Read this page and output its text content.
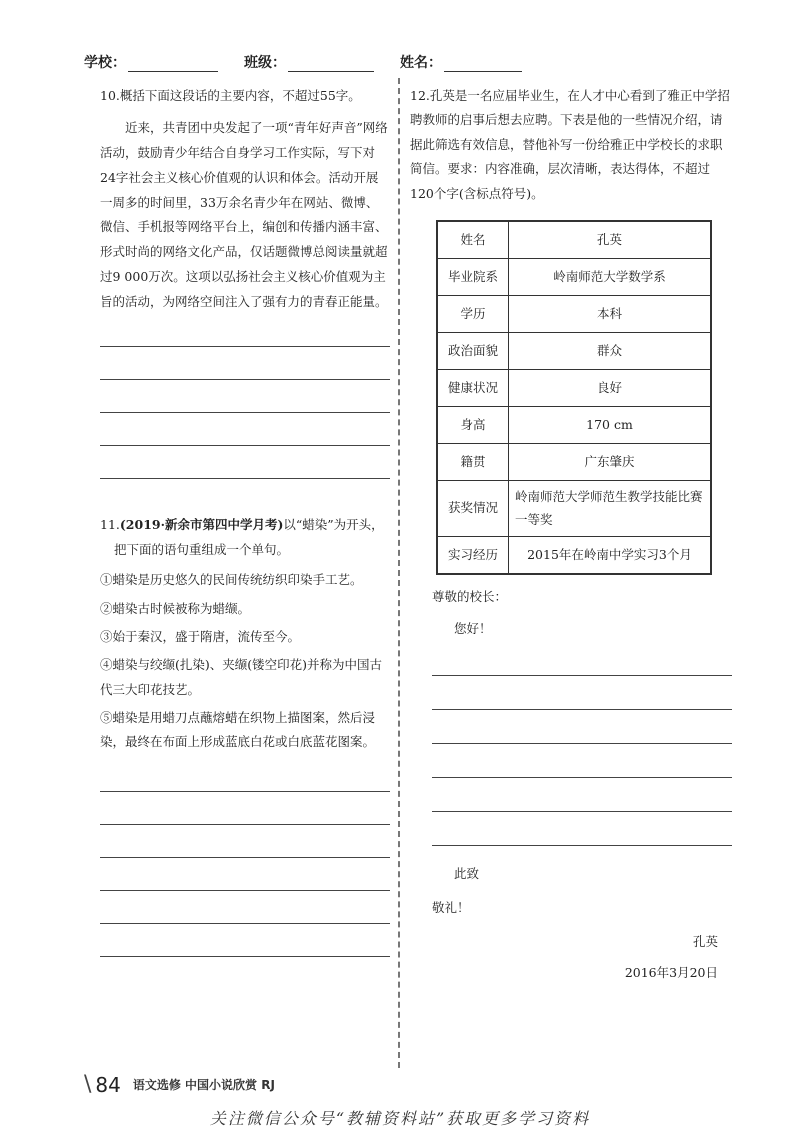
学校：	班级：	姓名：

10.概括下面这段话的主要内容，不超过55字。

近来，共青团中央发起了一项“青年好声音”网络活动，鼓励青少年结合自身学习工作实际，写下对24字社会主义核心价值观的认识和体会。活动开展一周多的时间里，33万余名青少年在网站、微博、微信、手机报等网络平台上，编创和传播内涵丰富、形式时尚的网络文化产品，仅话题微博总阅读量就超过9 000万次。这项以弘扬社会主义核心价值观为主旨的活动，为网络空间注入了强有力的青春正能量。

11.(2019·新余市第四中学月考)以“蜡染”为开头，把下面的语句重组成一个单句。

①蜡染是历史悠久的民间传统纺织印染手工艺。

②蜡染古时候被称为蜡缬。

③始于秦汉，盛于隋唐，流传至今。

④蜡染与绞缬(扎染)、夹缬(镂空印花)并称为中国古代三大印花技艺。

⑤蜡染是用蜡刀点蘸熔蜡在织物上描图案，然后浸染，最终在布面上形成蓝底白花或白底蓝花图案。

12.孔英是一名应届毕业生，在人才中心看到了雅正中学招聘教师的启事后想去应聘。下表是他的一些情况介绍，请据此筛选有效信息，替他补写一份给雅正中学校长的求职简信。要求：内容准确，层次清晰，表达得体，不超过120个字(含标点符号)。

姓名	孔英
毕业院系	岭南师范大学数学系
学历	本科
政治面貌	群众
健康状况	良好
身高	170 cm
籍贯	广东肇庆
获奖情况	岭南师范大学师范生教学技能比赛一等奖
实习经历	2015年在岭南中学实习3个月
尊敬的校长：
您好！
此致
敬礼！
孔英
2016年3月20日
\ 84 语文选修 中国小说欣赏 RJ
关注微信公众号“教辅资料站”获取更多学习资料
